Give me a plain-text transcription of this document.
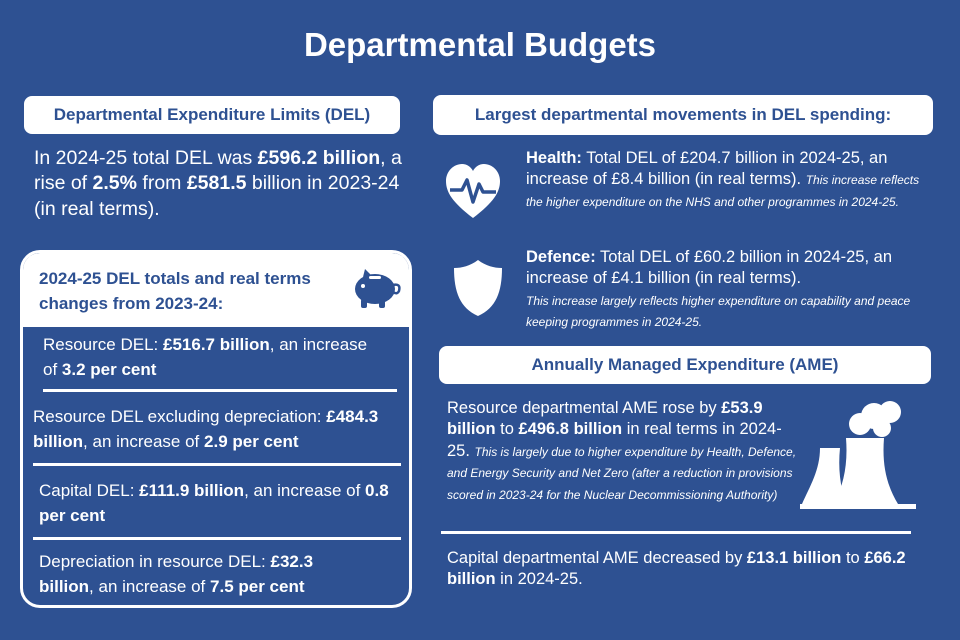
Departmental Budgets
Departmental Expenditure Limits (DEL)
In 2024-25 total DEL was £596.2 billion, a rise of 2.5% from £581.5 billion in 2023-24 (in real terms).
2024-25 DEL totals and real terms changes from 2023-24:
Resource DEL: £516.7 billion, an increase of 3.2 per cent
Resource DEL excluding depreciation: £484.3 billion, an increase of 2.9 per cent
Capital DEL: £111.9 billion, an increase of 0.8 per cent
Depreciation in resource DEL: £32.3 billion, an increase of 7.5 per cent
Largest departmental movements in DEL spending:
Health: Total DEL of £204.7 billion in 2024-25, an increase of £8.4 billion (in real terms). This increase reflects the higher expenditure on the NHS and other programmes in 2024-25.
Defence: Total DEL of £60.2 billion in 2024-25, an increase of £4.1 billion (in real terms).
This increase largely reflects higher expenditure on capability and peace keeping programmes in 2024-25.
Annually Managed Expenditure (AME)
Resource departmental AME rose by £53.9 billion to £496.8 billion in real terms in 2024-25. This is largely due to higher expenditure by Health, Defence, and Energy Security and Net Zero (after a reduction in provisions scored in 2023-24 for the Nuclear Decommissioning Authority)
Capital departmental AME decreased by £13.1 billion to £66.2 billion in 2024-25.
